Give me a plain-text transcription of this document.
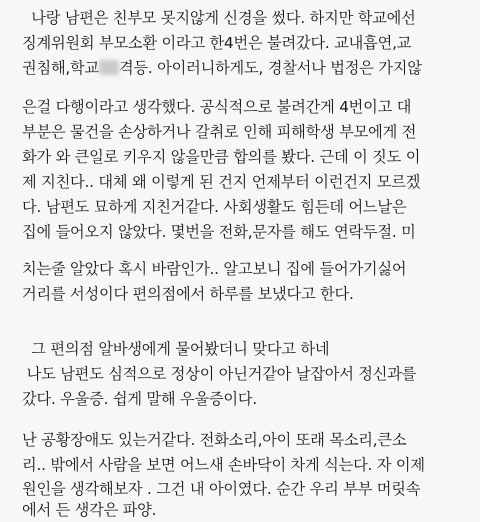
나랑 남편은 친부모 못지않게 신경을 썼다. 하지만 학교에선
징계위원회 부모소환 이라고 한4번은 불려갔다. 교내흡연,교
권침해,학교 격등. 아이러니하게도, 경찰서나 법정은 가지않
은걸 다행이라고 생각했다. 공식적으로 불려간게 4번이고 대
부분은 물건을 손상하거나 갈취로 인해 피해학생 부모에게 전
화가 와 큰일로 키우지 않을만큼 합의를 봤다. 근데 이 짓도 이
제 지친다.. 대체 왜 이렇게 된 건지 언제부터 이런건지 모르겠
다. 남편도 묘하게 지친거같다. 사회생활도 힘든데 어느날은
집에 들어오지 않았다. 몇번을 전화,문자를 해도 연락두절. 미
치는줄 알았다 혹시 바람인가.. 알고보니 집에 들어가기싫어
거리를 서성이다 편의점에서 하루를 보냈다고 한다.
그 편의점 알바생에게 물어봤더니 맞다고 하네
나도 남편도 심적으로 정상이 아닌거같아 날잡아서 정신과를
갔다. 우울증. 쉽게 말해 우울증이다.
난 공황장애도 있는거같다. 전화소리,아이 또래 목소리,큰소
리.. 밖에서 사람을 보면 어느새 손바닥이 차게 식는다. 자 이제
원인을 생각해보자 . 그건 내 아이였다. 순간 우리 부부 머릿속
에서 든 생각은 파양.
